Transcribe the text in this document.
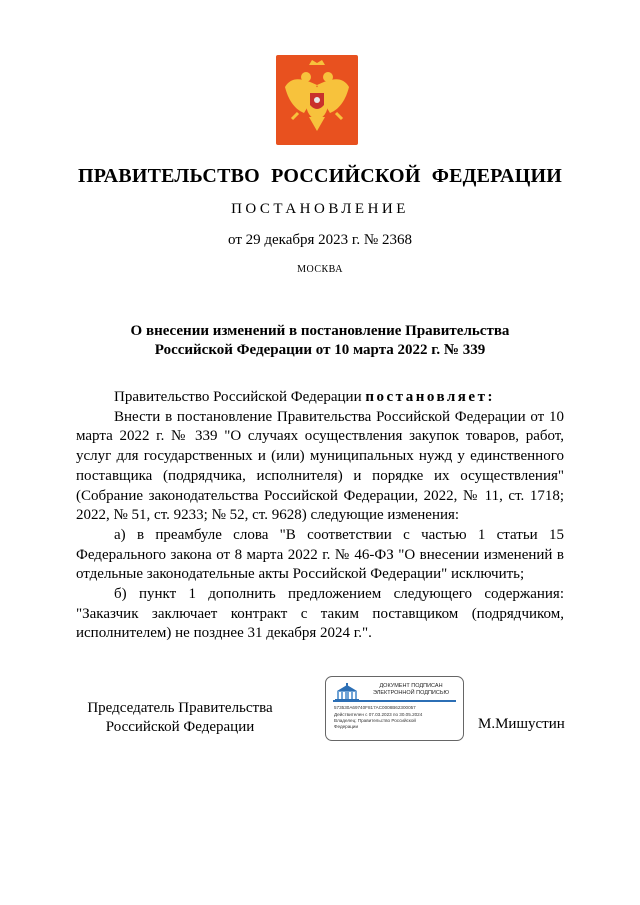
ПРАВИТЕЛЬСТВО РОССИЙСКОЙ ФЕДЕРАЦИИ
ПОСТАНОВЛЕНИЕ
от 29 декабря 2023 г. № 2368
МОСКВА
О внесении изменений в постановление Правительства
Российской Федерации от 10 марта 2022 г. № 339

Правительство Российской Федерации постановляет:

Внести в постановление Правительства Российской Федерации от 10 марта 2022 г. № 339 "О случаях осуществления закупок товаров, работ, услуг для государственных и (или) муниципальных нужд у единственного поставщика (подрядчика, исполнителя) и порядке их осуществления" (Собрание законодательства Российской Федерации, 2022, № 11, ст. 1718; 2022, № 51, ст. 9233; № 52, ст. 9628) следующие изменения:

а) в преамбуле слова "В соответствии с частью 1 статьи 15 Федерального закона от 8 марта 2022 г. № 46-ФЗ "О внесении изменений в отдельные законодательные акты Российской Федерации" исключить;

б) пункт 1 дополнить предложением следующего содержания: "Заказчик заключает контракт с таким поставщиком (подрядчиком, исполнителем) не позднее 31 декабря 2024 г.".

Председатель Правительства
Российской Федерации
ДОКУМЕНТ ПОДПИСАН
ЭЛЕКТРОННОЙ ПОДПИСЬЮ
573530A69740F817AC0008B62300057
Действителен с 07.03.2023 по 30.05.2024
Владелец: Правительство Российской
Федерации	М.Мишустин
